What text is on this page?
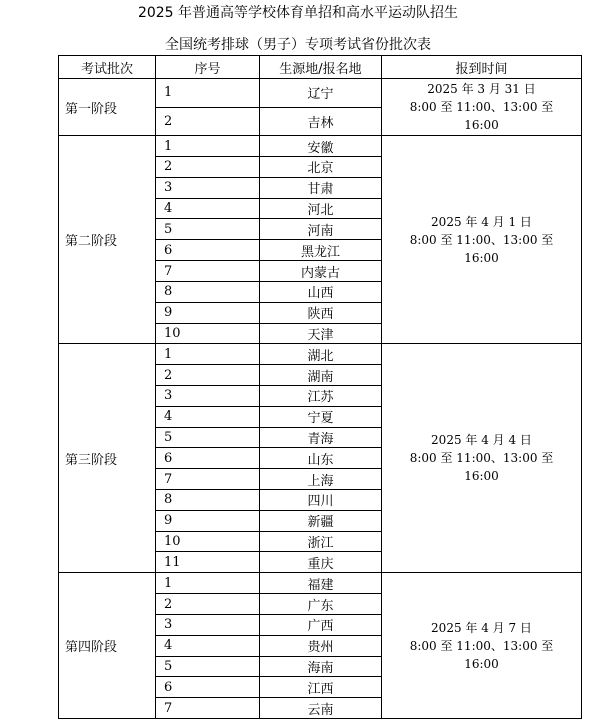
2025 年普通高等学校体育单招和高水平运动队招生
全国统考排球（男子）专项考试省份批次表
考试批次	序号	生源地/报名地	报到时间
第一阶段	1	辽宁	2025 年 3 月 31 日
8:00 至 11:00、13:00 至
16:00

	2	吉林	
第二阶段	1	安徽	2025 年 4 月 1 日
8:00 至 11:00、13:00 至
16:00

	2	北京	
	3	甘肃	
	4	河北	
	5	河南	
	6	黑龙江	
	7	内蒙古	
	8	山西	
	9	陕西	
	10	天津	
第三阶段	1	湖北	2025 年 4 月 4 日
8:00 至 11:00、13:00 至
16:00

	2	湖南	
	3	江苏	
	4	宁夏	
	5	青海	
	6	山东	
	7	上海	
	8	四川	
	9	新疆	
	10	浙江	
	11	重庆	
第四阶段	1	福建	2025 年 4 月 7 日
8:00 至 11:00、13:00 至
16:00

	2	广东	
	3	广西	
	4	贵州	
	5	海南	
	6	江西	
	7	云南	
